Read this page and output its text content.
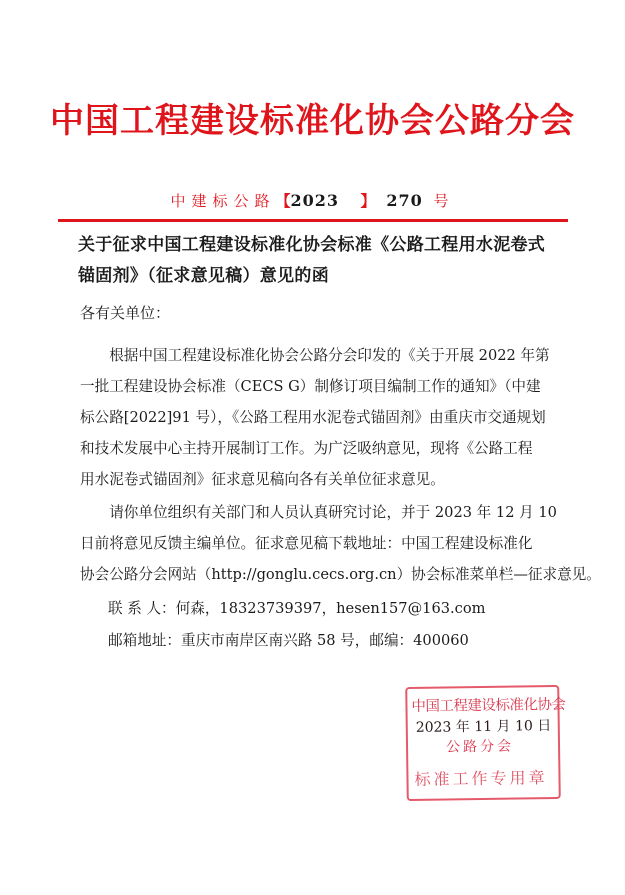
中国工程建设标准化协会公路分会
中建标公路【2023 】 270 号
关于征求中国工程建设标准化协会标准《公路工程用水泥卷式
锚固剂》（征求意见稿）意见的函
各有关单位：
　　根据中国工程建设标准化协会公路分会印发的《关于开展 2022 年第
一批工程建设协会标准（CECS G）制修订项目编制工作的通知》（中建
标公路[2022]91 号），《公路工程用水泥卷式锚固剂》由重庆市交通规划
和技术发展中心主持开展制订工作。为广泛吸纳意见，现将《公路工程
用水泥卷式锚固剂》征求意见稿向各有关单位征求意见。
　　请你单位组织有关部门和人员认真研究讨论，并于 2023 年 12 月 10
日前将意见反馈主编单位。征求意见稿下载地址：中国工程建设标准化
协会公路分会网站（http://gonglu.cecs.org.cn）协会标准菜单栏—征求意见。
联 系 人：何森，18323739397，hesen157@163.com
邮箱地址：重庆市南岸区南兴路 58 号，邮编：400060
中国工程建设标准化协会
2023 年 11 月 10 日
公路分会
标准工作专用章
